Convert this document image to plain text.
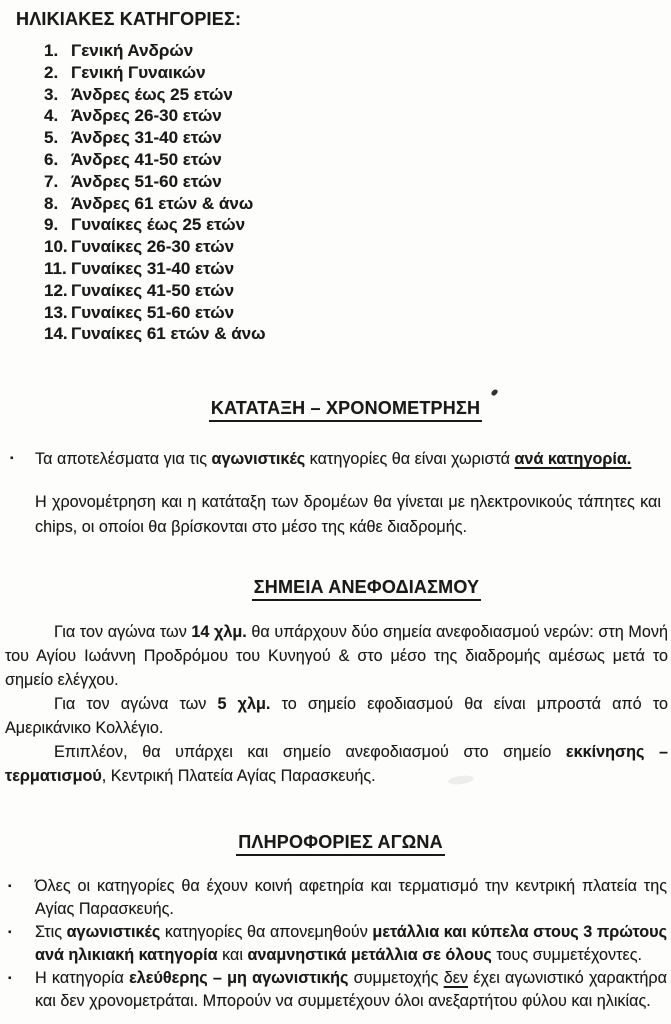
ΗΛΙΚΙΑΚΕΣ ΚΑΤΗΓΟΡΙΕΣ:
1. Γενική Ανδρών
2. Γενική Γυναικών
3. Άνδρες έως 25 ετών
4. Άνδρες 26-30 ετών
5. Άνδρες 31-40 ετών
6. Άνδρες 41-50 ετών
7. Άνδρες 51-60 ετών
8. Άνδρες 61 ετών & άνω
9. Γυναίκες έως 25 ετών
10. Γυναίκες 26-30 ετών
11. Γυναίκες 31-40 ετών
12. Γυναίκες 41-50 ετών
13. Γυναίκες 51-60 ετών
14. Γυναίκες 61 ετών & άνω
ΚΑΤΑΤΑΞΗ – ΧΡΟΝΟΜΕΤΡΗΣΗ
▪	Τα αποτελέσματα για τις αγωνιστικές κατηγορίες θα είναι χωριστά ανά κατηγορία.

Η χρονομέτρηση και η κατάταξη των δρομέων θα γίνεται με ηλεκτρονικούς τάπητες και chips, οι οποίοι θα βρίσκονται στο μέσο της κάθε διαδρομής.

ΣΗΜΕΙΑ ΑΝΕΦΟΔΙΑΣΜΟΥ

Για τον αγώνα των 14 χλμ. θα υπάρχουν δύο σημεία ανεφοδιασμού νερών: στη Μονή του Αγίου Ιωάννη Προδρόμου του Κυνηγού & στο μέσο της διαδρομής αμέσως μετά το σημείο ελέγχου.

Για τον αγώνα των 5 χλμ. το σημείο εφοδιασμού θα είναι μπροστά από το Αμερικάνικο Κολλέγιο.

Επιπλέον, θα υπάρχει και σημείο ανεφοδιασμού στο σημείο εκκίνησης – τερματισμού, Κεντρική Πλατεία Αγίας Παρασκευής.

ΠΛΗΡΟΦΟΡΙΕΣ ΑΓΩΝΑ
▪	Όλες οι κατηγορίες θα έχουν κοινή αφετηρία και τερματισμό την κεντρική πλατεία της Αγίας Παρασκευής.
▪	Στις αγωνιστικές κατηγορίες θα απονεμηθούν μετάλλια και κύπελα στους 3 πρώτους ανά ηλικιακή κατηγορία και αναμνηστικά μετάλλια σε όλους τους συμμετέχοντες.
▪	Η κατηγορία ελεύθερης – μη αγωνιστικής συμμετοχής δεν έχει αγωνιστικό χαρακτήρα και δεν χρονομετράται. Μπορούν να συμμετέχουν όλοι ανεξαρτήτου φύλου και ηλικίας.
